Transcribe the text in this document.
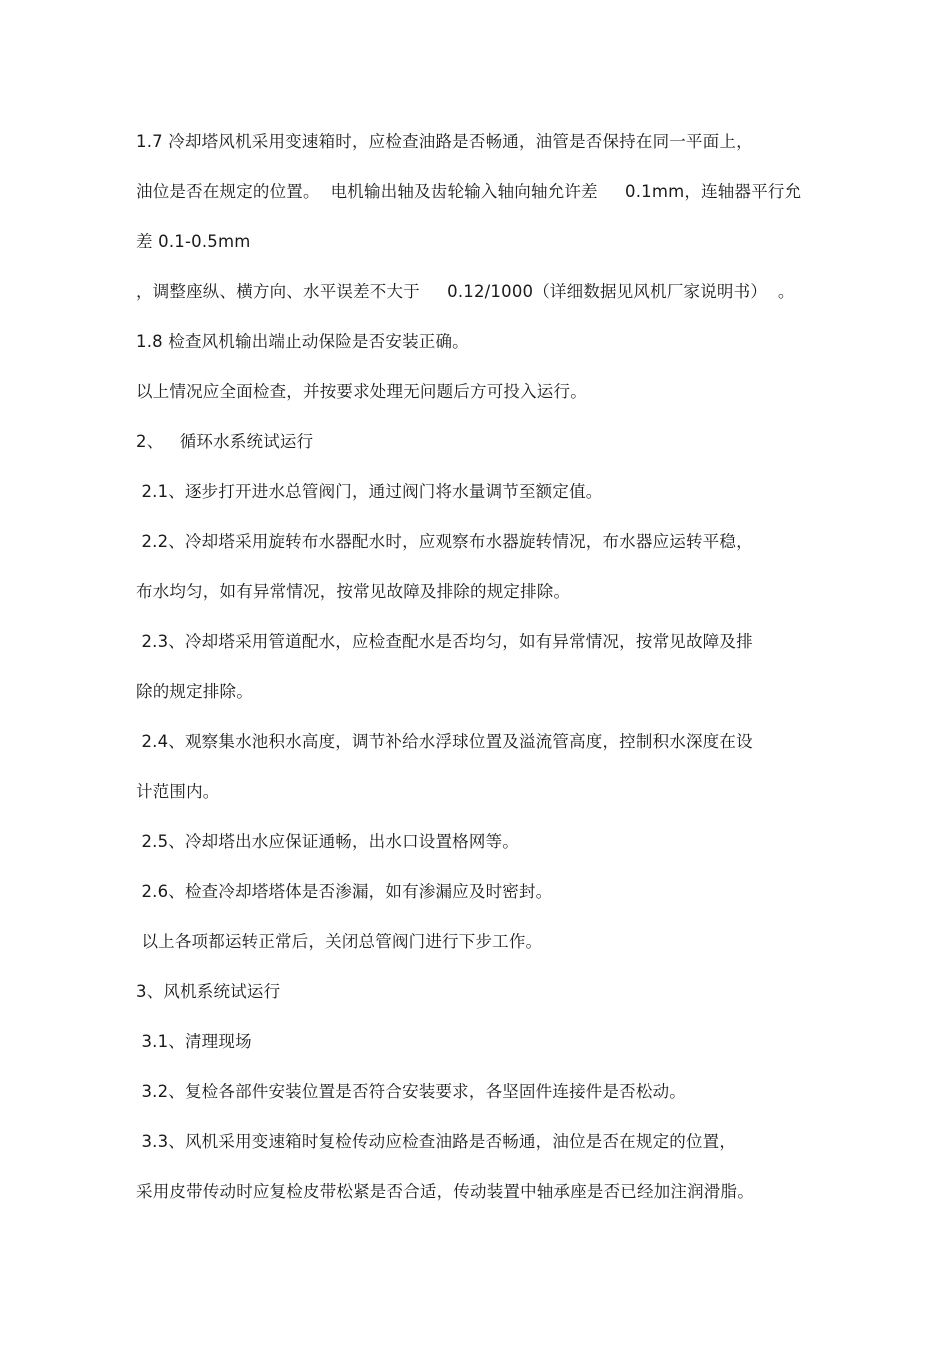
1.7 冷却塔风机采用变速箱时，应检查油路是否畅通，油管是否保持在同一平面上，
油位是否在规定的位置。  电机输出轴及齿轮输入轴向轴允许差     0.1mm，连轴器平行允
差 0.1-0.5mm
，调整座纵、横方向、水平误差不大于     0.12/1000（详细数据见风机厂家说明书）  。
1.8 检查风机输出端止动保险是否安装正确。
以上情况应全面检查，并按要求处理无问题后方可投入运行。
2、   循环水系统试运行
2.1、逐步打开进水总管阀门，通过阀门将水量调节至额定值。
2.2、冷却塔采用旋转布水器配水时，应观察布水器旋转情况，布水器应运转平稳，
布水均匀，如有异常情况，按常见故障及排除的规定排除。
2.3、冷却塔采用管道配水，应检查配水是否均匀，如有异常情况，按常见故障及排
除的规定排除。
2.4、观察集水池积水高度，调节补给水浮球位置及溢流管高度，控制积水深度在设
计范围内。
2.5、冷却塔出水应保证通畅，出水口设置格网等。
2.6、检查冷却塔塔体是否渗漏，如有渗漏应及时密封。
以上各项都运转正常后，关闭总管阀门进行下步工作。
3、风机系统试运行
3.1、清理现场
3.2、复检各部件安装位置是否符合安装要求，各坚固件连接件是否松动。
3.3、风机采用变速箱时复检传动应检查油路是否畅通，油位是否在规定的位置，
采用皮带传动时应复检皮带松紧是否合适，传动装置中轴承座是否已经加注润滑脂。
